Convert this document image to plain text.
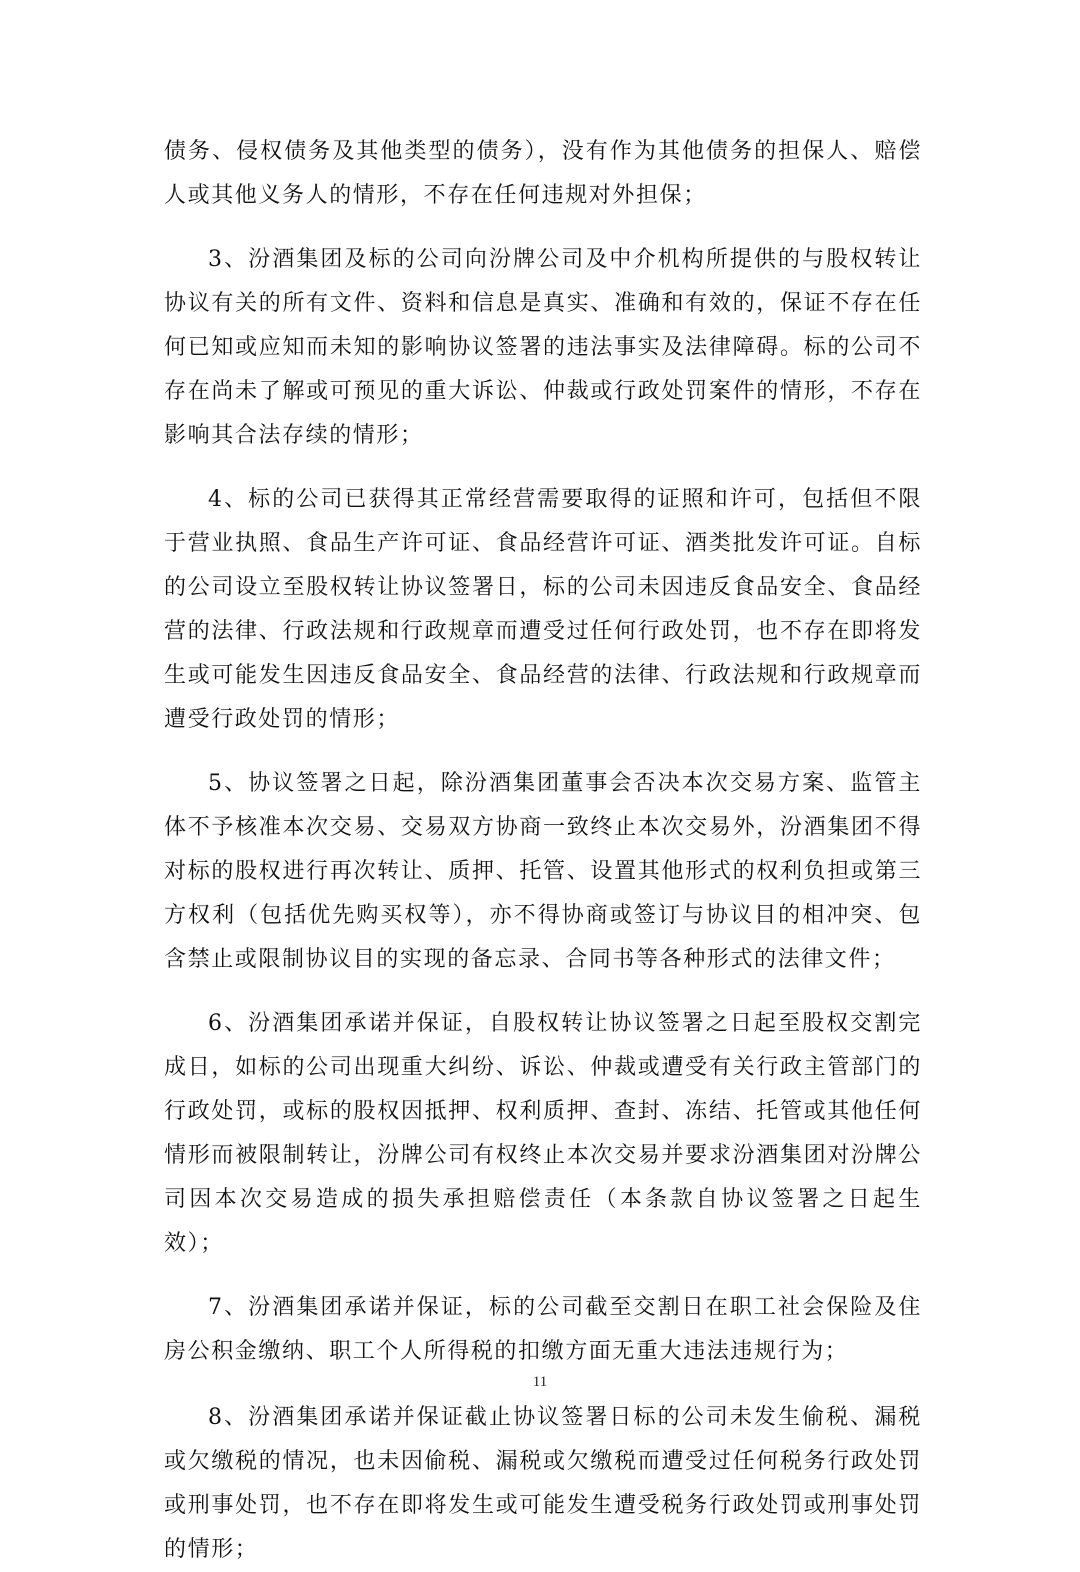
债务、侵权债务及其他类型的债务），没有作为其他债务的担保人、赔偿人或其他义务人的情形，不存在任何违规对外担保；

3、汾酒集团及标的公司向汾牌公司及中介机构所提供的与股权转让协议有关的所有文件、资料和信息是真实、准确和有效的，保证不存在任何已知或应知而未知的影响协议签署的违法事实及法律障碍。标的公司不存在尚未了解或可预见的重大诉讼、仲裁或行政处罚案件的情形，不存在影响其合法存续的情形；

4、标的公司已获得其正常经营需要取得的证照和许可，包括但不限于营业执照、食品生产许可证、食品经营许可证、酒类批发许可证。自标的公司设立至股权转让协议签署日，标的公司未因违反食品安全、食品经营的法律、行政法规和行政规章而遭受过任何行政处罚，也不存在即将发生或可能发生因违反食品安全、食品经营的法律、行政法规和行政规章而遭受行政处罚的情形；

5、协议签署之日起，除汾酒集团董事会否决本次交易方案、监管主体不予核准本次交易、交易双方协商一致终止本次交易外，汾酒集团不得对标的股权进行再次转让、质押、托管、设置其他形式的权利负担或第三方权利（包括优先购买权等），亦不得协商或签订与协议目的相冲突、包含禁止或限制协议目的实现的备忘录、合同书等各种形式的法律文件；

6、汾酒集团承诺并保证，自股权转让协议签署之日起至股权交割完成日，如标的公司出现重大纠纷、诉讼、仲裁或遭受有关行政主管部门的行政处罚，或标的股权因抵押、权利质押、查封、冻结、托管或其他任何情形而被限制转让，汾牌公司有权终止本次交易并要求汾酒集团对汾牌公司因本次交易造成的损失承担赔偿责任（本条款自协议签署之日起生效）；

7、汾酒集团承诺并保证，标的公司截至交割日在职工社会保险及住房公积金缴纳、职工个人所得税的扣缴方面无重大违法违规行为；

8、汾酒集团承诺并保证截止协议签署日标的公司未发生偷税、漏税或欠缴税的情况，也未因偷税、漏税或欠缴税而遭受过任何税务行政处罚或刑事处罚，也不存在即将发生或可能发生遭受税务行政处罚或刑事处罚的情形；

11
